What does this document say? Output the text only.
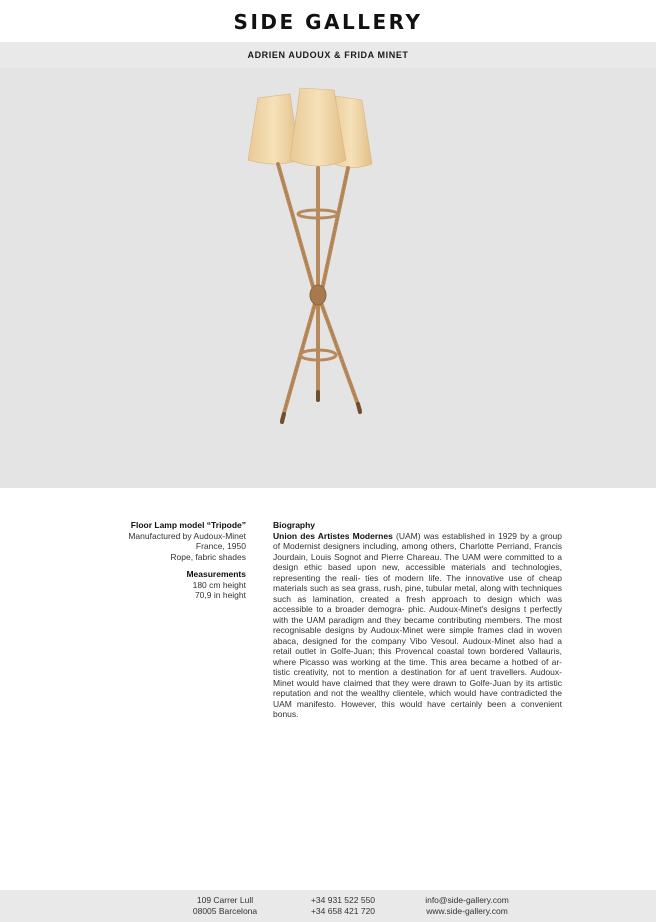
SIDE GALLERY
ADRIEN AUDOUX & FRIDA MINET
Floor Lamp model “Tripode”
Manufactured by Audoux-Minet
France, 1950
Rope, fabric shades
Measurements
180 cm height
70,9 in height
Biography

Union des Artistes Modernes (UAM) was established in 1929 by a group of Modernist designers including, among others, Charlotte Perriand, Francis Jourdain, Louis Sognot and Pierre Chareau. The UAM were committed to a design ethic based upon new, accessible materials and technologies, representing the reali- ties of modern life. The innovative use of cheap materials such as sea grass, rush, pine, tubular metal, along with techniques such as lamination, created a fresh approach to design which was accessible to a broader demogra- phic. Audoux-Minet's designs t perfectly with the UAM paradigm and they became contributing members. The most recognisable designs by Audoux-Minet were simple frames clad in woven abaca, designed for the company Vibo Vesoul. Audoux-Minet also had a retail outlet in Golfe-Juan; this Provencal coastal town bordered Vallauris, where Picasso was working at the time. This area became a hotbed of ar- tistic creativity, not to mention a destination for af uent travellers. Audoux-Minet would have claimed that they were drawn to Golfe-Juan by its artistic reputation and not the wealthy clientele, which would have contradicted the UAM manifesto. However, this would have certainly been a convenient bonus.

109 Carrer Lull
08005 Barcelona
+34 931 522 550
+34 658 421 720
info@side-gallery.com
www.side-gallery.com
